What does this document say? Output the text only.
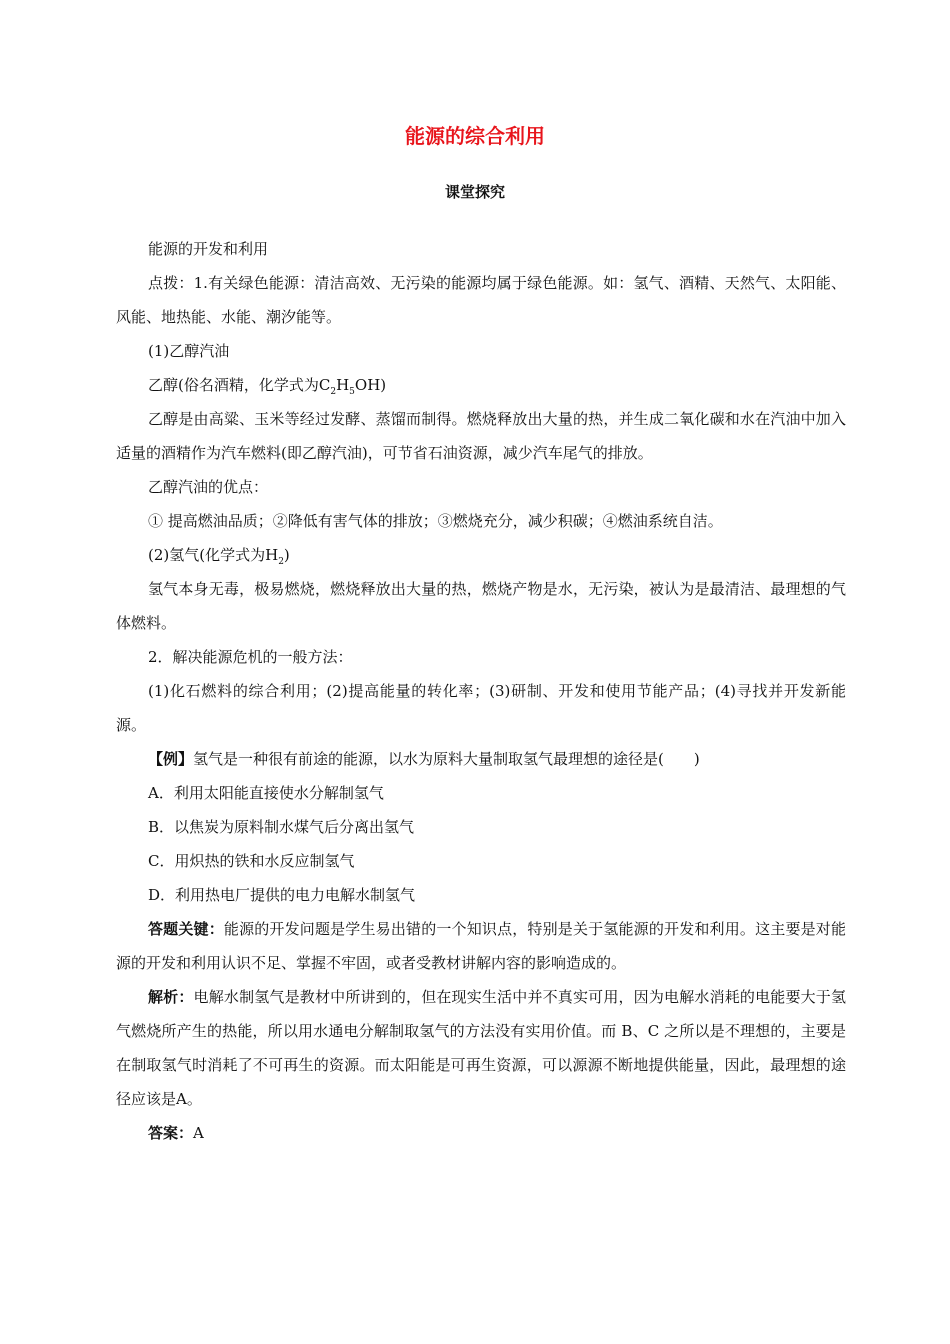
能源的综合利用
课堂探究

能源的开发和利用

点拨：1.有关绿色能源：清洁高效、无污染的能源均属于绿色能源。如：氢气、酒精、天然气、太阳能、风能、地热能、水能、潮汐能等。

(1)乙醇汽油

乙醇(俗名酒精，化学式为$C_2H_5OH$)

乙醇是由高粱、玉米等经过发酵、蒸馏而制得。燃烧释放出大量的热，并生成二氧化碳和水在汽油中加入适量的酒精作为汽车燃料(即乙醇汽油)，可节省石油资源，减少汽车尾气的排放。

乙醇汽油的优点：

① 提高燃油品质；②降低有害气体的排放；③燃烧充分，减少积碳；④燃油系统自洁。

(2)氢气(化学式为$H_2$)

氢气本身无毒，极易燃烧，燃烧释放出大量的热，燃烧产物是水，无污染，被认为是最清洁、最理想的气体燃料。

2．解决能源危机的一般方法：

(1)化石燃料的综合利用；(2)提高能量的转化率；(3)研制、开发和使用节能产品；(4)寻找并开发新能源。

【例】氢气是一种很有前途的能源，以水为原料大量制取氢气最理想的途径是(　　)

A．利用太阳能直接使水分解制氢气

B．以焦炭为原料制水煤气后分离出氢气

C．用炽热的铁和水反应制氢气

D．利用热电厂提供的电力电解水制氢气

答题关键：能源的开发问题是学生易出错的一个知识点，特别是关于氢能源的开发和利用。这主要是对能源的开发和利用认识不足、掌握不牢固，或者受教材讲解内容的影响造成的。

解析：电解水制氢气是教材中所讲到的，但在现实生活中并不真实可用，因为电解水消耗的电能要大于氢气燃烧所产生的热能，所以用水通电分解制取氢气的方法没有实用价值。而 B、C 之所以是不理想的，主要是在制取氢气时消耗了不可再生的资源。而太阳能是可再生资源，可以源源不断地提供能量，因此，最理想的途径应该是A。

答案：A
